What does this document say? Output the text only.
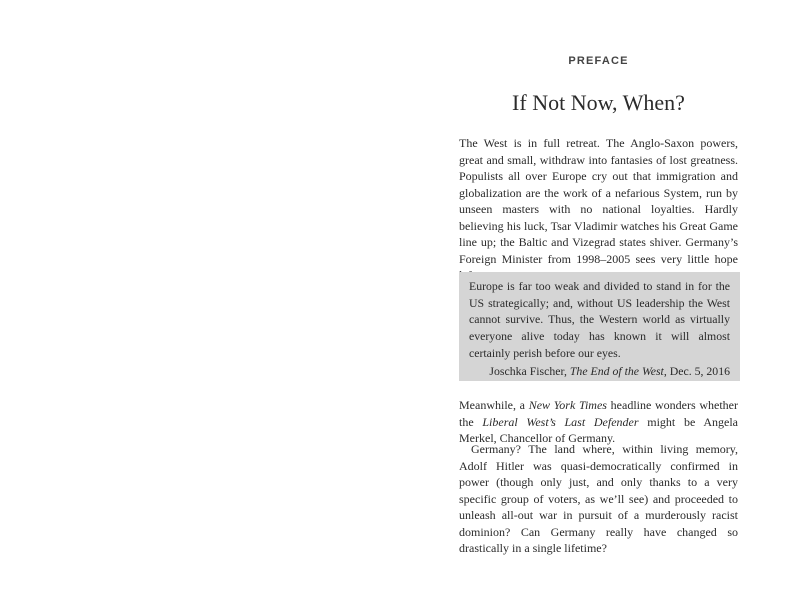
PREFACE
If Not Now, When?

The West is in full retreat. The Anglo-Saxon powers, great and small, withdraw into fantasies of lost greatness. Populists all over Europe cry out that immigration and globalization are the work of a nefarious System, run by unseen masters with no national loyalties. Hardly believing his luck, Tsar Vladimir watches his Great Game line up; the Baltic and Vizegrad states shiver. Germany’s Foreign Minister from 1998–2005 sees very little hope

Europe is far too weak and divided to stand in for the US strategically; and, without US leadership the West cannot survive. Thus, the Western world as virtually everyone alive today has known it will almost certainly perish before our eyes.

Joschka Fischer, The End of the West, Dec. 5, 2016

Meanwhile, a New York Times headline wonders whether the Liberal West’s Last Defender might be Angela Merkel, Chancellor of Germany.

Germany? The land where, within living memory, Adolf Hitler was quasi-democratically confirmed in power (though only just, and only thanks to a very specific group of voters, as we’ll see) and proceeded to unleash all-out war in pursuit of a murderously racist dominion? Can Germany really have changed so drastically in a single lifetime?
